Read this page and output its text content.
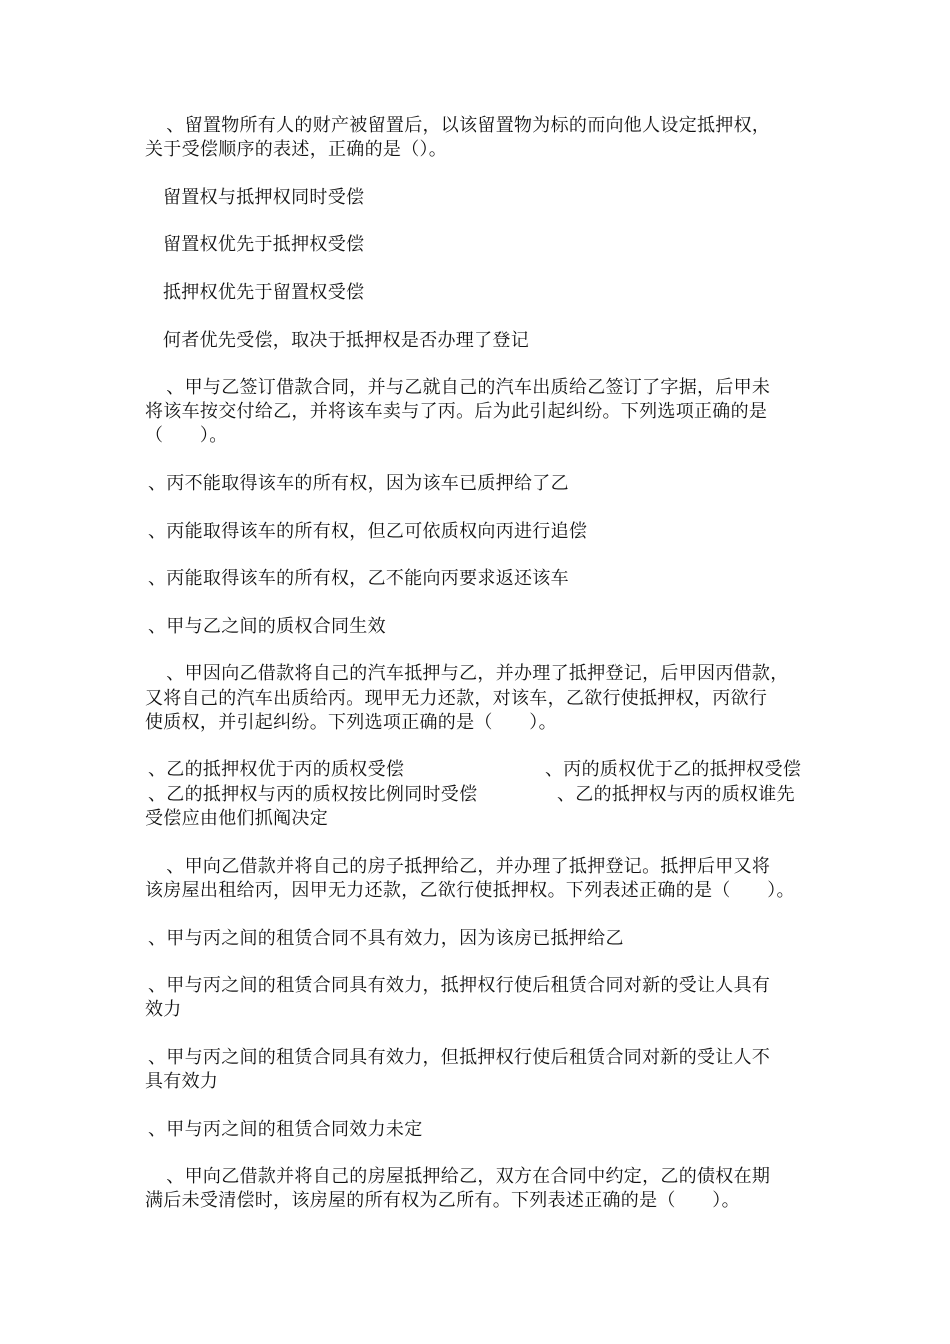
　、留置物所有人的财产被留置后，以该留置物为标的而向他人设定抵押权，
关于受偿顺序的表述，正确的是（）。
留置权与抵押权同时受偿
留置权优先于抵押权受偿
抵押权优先于留置权受偿
何者优先受偿，取决于抵押权是否办理了登记
　、甲与乙签订借款合同，并与乙就自己的汽车出质给乙签订了字据，后甲未
将该车按交付给乙，并将该车卖与了丙。后为此引起纠纷。下列选项正确的是
（　　）。
、丙不能取得该车的所有权，因为该车已质押给了乙
、丙能取得该车的所有权，但乙可依质权向丙进行追偿
、丙能取得该车的所有权，乙不能向丙要求返还该车
、甲与乙之间的质权合同生效
　、甲因向乙借款将自己的汽车抵押与乙，并办理了抵押登记，后甲因丙借款，
又将自己的汽车出质给丙。现甲无力还款，对该车，乙欲行使抵押权，丙欲行
使质权，并引起纠纷。下列选项正确的是（　　）。
、乙的抵押权优于丙的质权受偿	、丙的质权优于乙的抵押权受偿
、乙的抵押权与丙的质权按比例同时受偿	、乙的抵押权与丙的质权谁先
受偿应由他们抓阄决定
　、甲向乙借款并将自己的房子抵押给乙，并办理了抵押登记。抵押后甲又将
该房屋出租给丙，因甲无力还款，乙欲行使抵押权。下列表述正确的是（　　）。
、甲与丙之间的租赁合同不具有效力，因为该房已抵押给乙
、甲与丙之间的租赁合同具有效力，抵押权行使后租赁合同对新的受让人具有
效力
、甲与丙之间的租赁合同具有效力，但抵押权行使后租赁合同对新的受让人不
具有效力
、甲与丙之间的租赁合同效力未定
　、甲向乙借款并将自己的房屋抵押给乙，双方在合同中约定，乙的债权在期
满后未受清偿时，该房屋的所有权为乙所有。下列表述正确的是（　　）。
